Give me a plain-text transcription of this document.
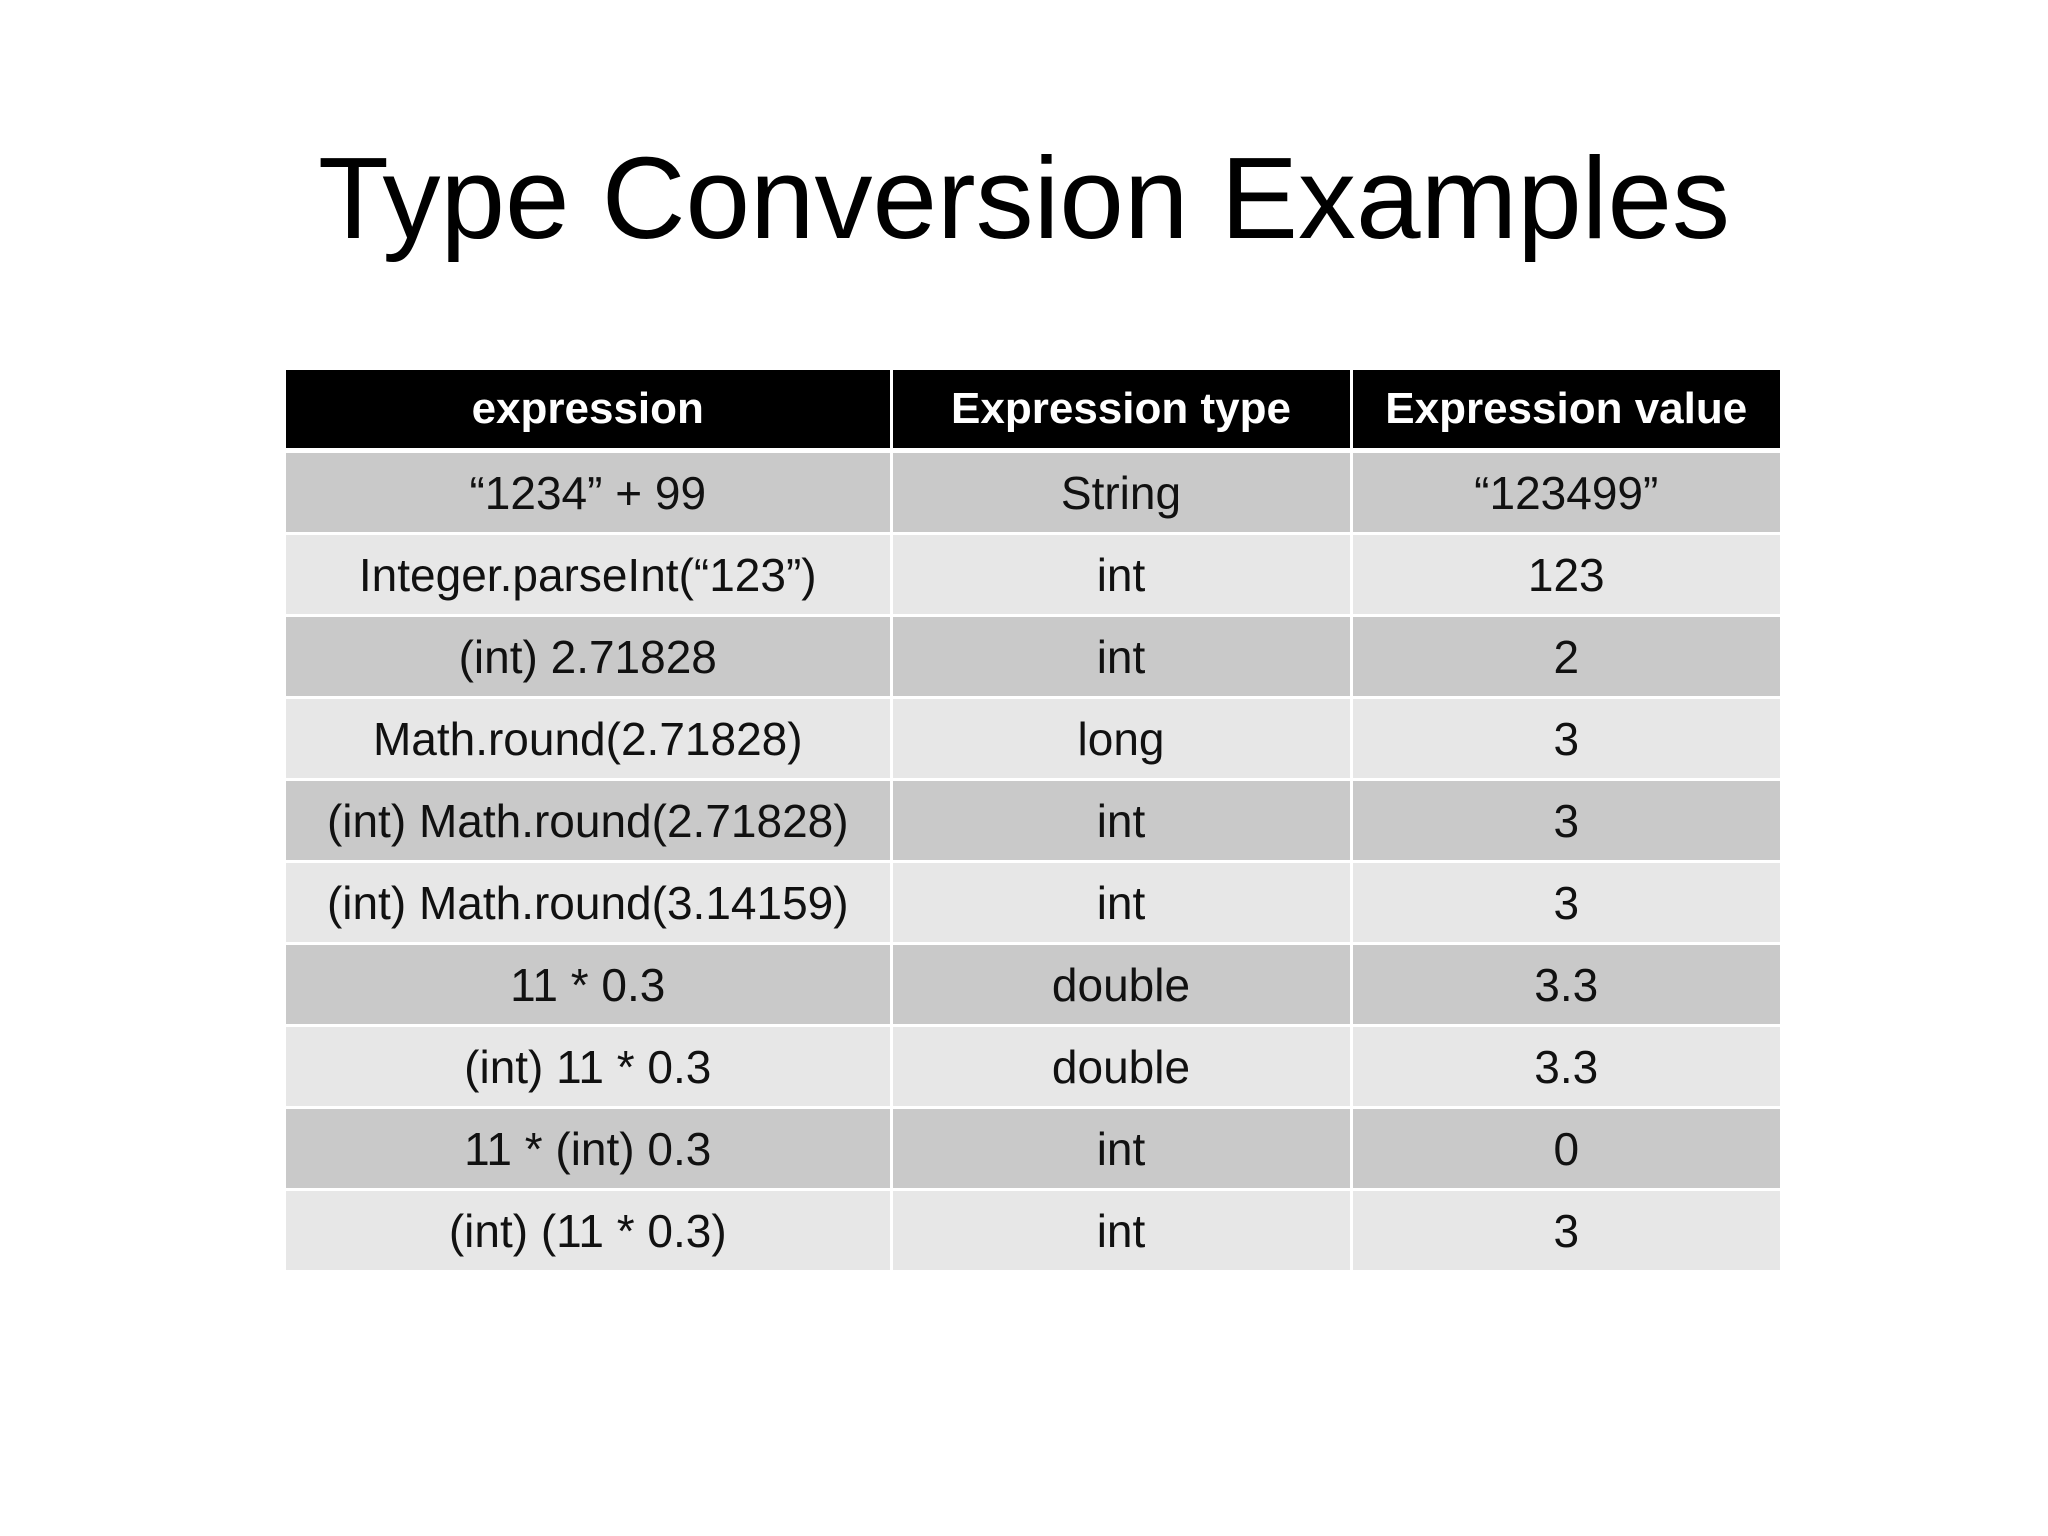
Type Conversion Examples
expression	Expression type	Expression value
“1234” + 99	String	“123499”
Integer.parseInt(“123”)	int	123
(int) 2.71828	int	2
Math.round(2.71828)	long	3
(int) Math.round(2.71828)	int	3
(int) Math.round(3.14159)	int	3
11 * 0.3	double	3.3
(int) 11 * 0.3	double	3.3
11 * (int) 0.3	int	0
(int) (11 * 0.3)	int	3
